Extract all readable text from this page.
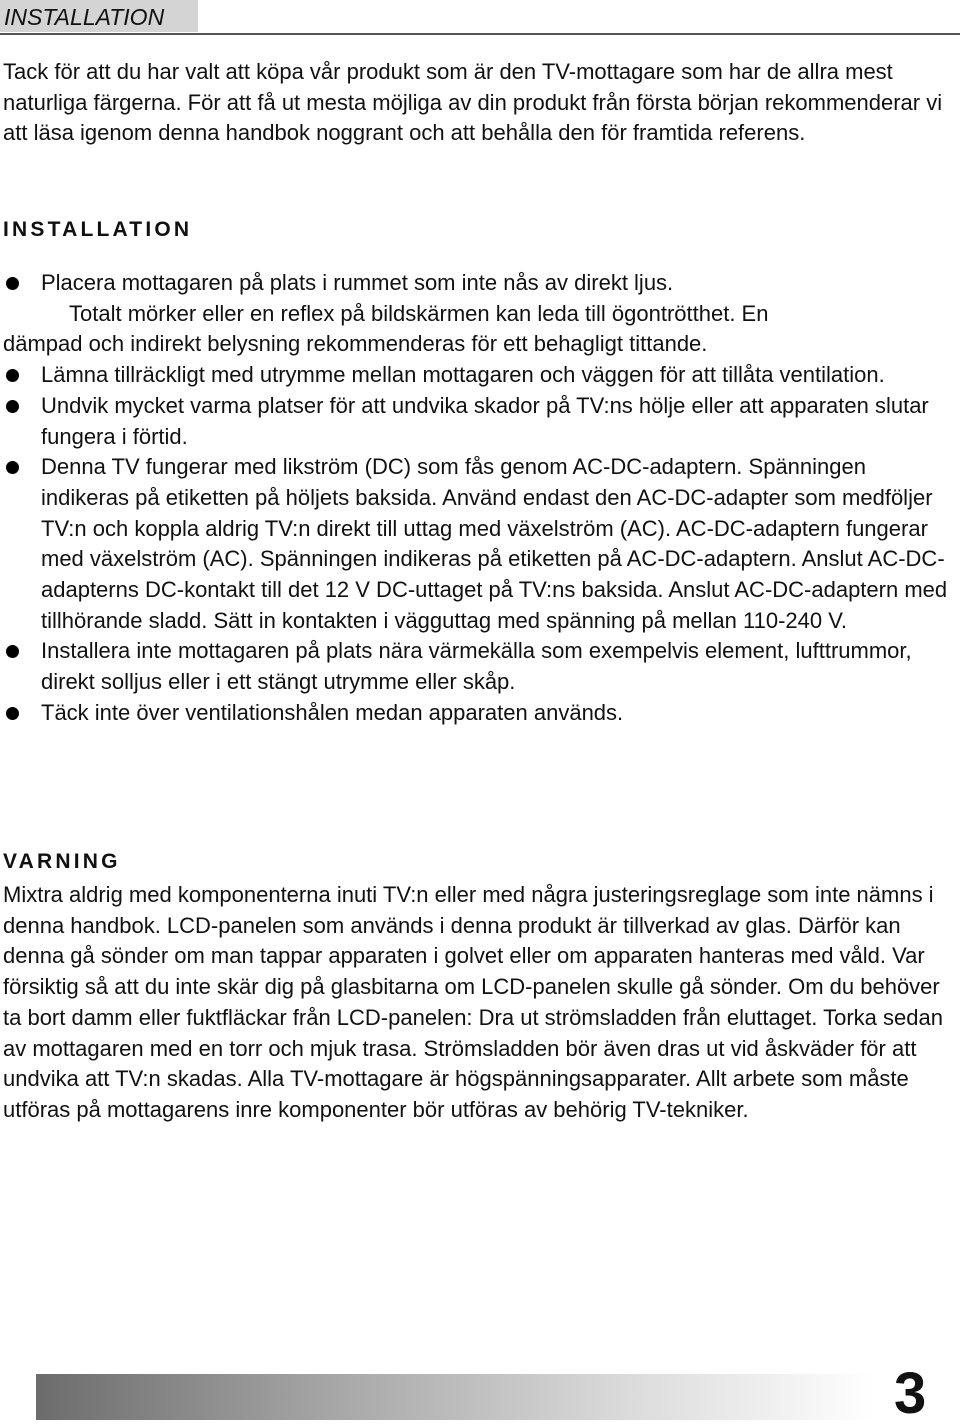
INSTALLATION

Tack för att du har valt att köpa vår produkt som är den TV-mottagare som har de allra mest naturliga färgerna. För att få ut mesta möjliga av din produkt från första början rekommenderar vi att läsa igenom denna handbok noggrant och att behålla den för framtida referens.

INSTALLATION
Placera mottagaren på plats i rummet som inte nås av direkt ljus.
Totalt mörker eller en reflex på bildskärmen kan leda till ögontrötthet. En
dämpad och indirekt belysning rekommenderas för ett behagligt tittande.
Lämna tillräckligt med utrymme mellan mottagaren och väggen för att tillåta ventilation.
Undvik mycket varma platser för att undvika skador på TV:ns hölje eller att apparaten slutar fungera i förtid.
Denna TV fungerar med likström (DC) som fås genom AC-DC-adaptern. Spänningen indikeras på etiketten på höljets baksida. Använd endast den AC-DC-adapter som medföljer TV:n och koppla aldrig TV:n direkt till uttag med växelström (AC). AC-DC-adaptern fungerar med växelström (AC). Spänningen indikeras på etiketten på AC-DC-adaptern. Anslut AC-DC-adapterns DC-kontakt till det 12 V DC-uttaget på TV:ns baksida. Anslut AC-DC-adaptern med tillhörande sladd. Sätt in kontakten i vägguttag med spänning på mellan 110-240 V.
Installera inte mottagaren på plats nära värmekälla som exempelvis element, lufttrummor, direkt solljus eller i ett stängt utrymme eller skåp.
Täck inte över ventilationshålen medan apparaten används.
VARNING

Mixtra aldrig med komponenterna inuti TV:n eller med några justeringsreglage som inte nämns i denna handbok. LCD-panelen som används i denna produkt är tillverkad av glas. Därför kan denna gå sönder om man tappar apparaten i golvet eller om apparaten hanteras med våld. Var försiktig så att du inte skär dig på glasbitarna om LCD-panelen skulle gå sönder. Om du behöver ta bort damm eller fuktfläckar från LCD-panelen: Dra ut strömsladden från eluttaget. Torka sedan av mottagaren med en torr och mjuk trasa. Strömsladden bör även dras ut vid åskväder för att undvika att TV:n skadas. Alla TV-mottagare är högspänningsapparater. Allt arbete som måste utföras på mottagarens inre komponenter bör utföras av behörig TV-tekniker.

3
